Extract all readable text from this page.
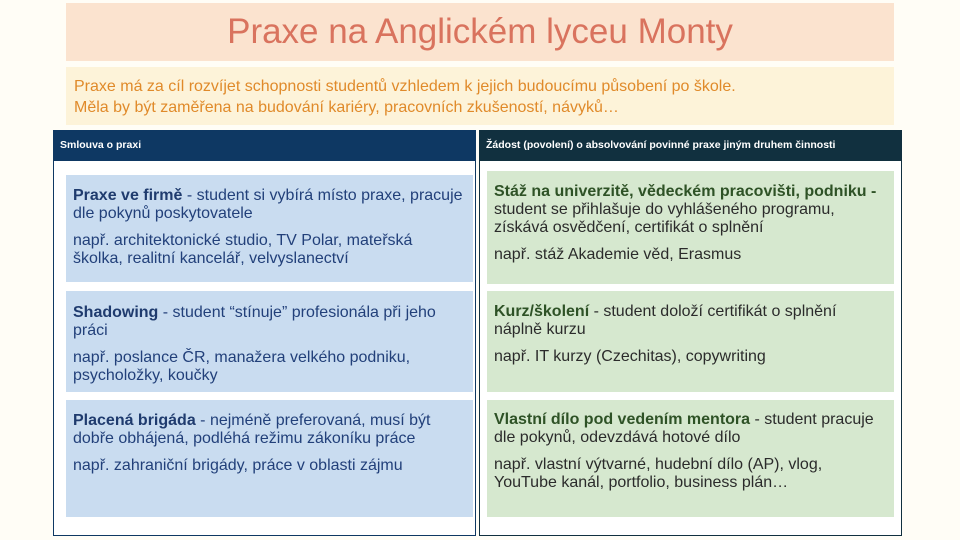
Praxe na Anglickém lyceu Monty
Praxe má za cíl rozvíjet schopnosti studentů vzhledem k jejich budoucímu působení po škole.
Měla by být zaměřena na budování kariéry, pracovních zkušeností, návyků…
Smlouva o praxi

Praxe ve firmě - student si vybírá místo praxe, pracuje dle pokynů poskytovatele

např. architektonické studio, TV Polar, mateřská školka, realitní kancelář, velvyslanectví

Shadowing - student “stínuje” profesionála při jeho práci

např. poslance ČR, manažera velkého podniku, psycholožky, koučky

Placená brigáda - nejméně preferovaná, musí být dobře obhájená, podléhá režimu zákoníku práce

např. zahraniční brigády, práce v oblasti zájmu

Žádost (povolení) o absolvování povinné praxe jiným druhem činnosti

Stáž na univerzitě, vědeckém pracovišti, podniku - student se přihlašuje do vyhlášeného programu, získává osvědčení, certifikát o splnění

např. stáž Akademie věd, Erasmus

Kurz/školení - student doloží certifikát o splnění náplně kurzu

např. IT kurzy (Czechitas), copywriting

Vlastní dílo pod vedením mentora - student pracuje dle pokynů, odevzdává hotové dílo

např. vlastní výtvarné, hudební dílo (AP), vlog, YouTube kanál, portfolio, business plán…
